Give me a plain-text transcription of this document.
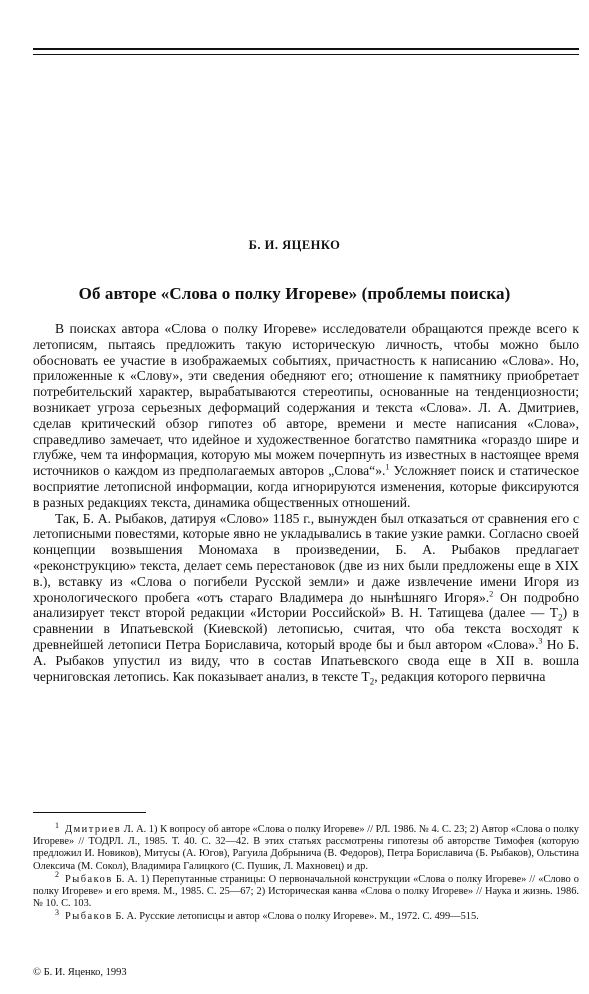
Б. И. ЯЦЕНКО
Об авторе «Слова о полку Игореве» (проблемы поиска)

В поисках автора «Слова о полку Игореве» исследователи обращаются прежде всего к летописям, пытаясь предложить такую историческую личность, чтобы можно было обосновать ее участие в изображаемых событиях, причастность к написанию «Слова». Но, приложенные к «Слову», эти сведения обедняют его; отношение к памятнику приобретает потребительский характер, вырабатываются стереотипы, основанные на тенденциозности; возникает угроза серьезных деформаций содержания и текста «Слова». Л. А. Дмитриев, сделав критический обзор гипотез об авторе, времени и месте написания «Слова», справедливо замечает, что идейное и художественное богатство памятника «гораздо шире и глубже, чем та информация, которую мы можем почерпнуть из известных в настоящее время источников о каждом из предполагаемых авторов „Слова“».$^1$ Усложняет поиск и статическое восприятие летописной информации, когда игнорируются изменения, которые фиксируются в разных редакциях текста, динамика общественных отношений.

Так, Б. А. Рыбаков, датируя «Слово» 1185 г., вынужден был отказаться от сравнения его с летописными повестями, которые явно не укладывались в такие узкие рамки. Согласно своей концепции возвышения Мономаха в произведении, Б. А. Рыбаков предлагает «реконструкцию» текста, делает семь перестановок (две из них были предложены еще в XIX в.), вставку из «Слова о погибели Русской земли» и даже извлечение имени Игоря из хронологического пробега «отъ стараго Владимера до нынѣшняго Игоря».$^2$ Он подробно анализирует текст второй редакции «Истории Российской» В. Н. Татищева (далее — $Т_2$) в сравнении в Ипатьевской (Киевской) летописью, считая, что оба текста восходят к древнейшей летописи Петра Бориславича, который вроде бы и был автором «Слова».$^3$ Но Б. А. Рыбаков упустил из виду, что в состав Ипатьевского свода еще в XII в. вошла черниговская летопись. Как показывает анализ, в тексте $Т_2$, редакция которого первична

$^1$ Дмитриев Л. А. 1) К вопросу об авторе «Слова о полку Игореве» // РЛ. 1986. № 4. С. 23; 2) Автор «Слова о полку Игореве» // ТОДРЛ. Л., 1985. Т. 40. С. 32—42. В этих статьях рассмотрены гипотезы об авторстве Тимофея (которую предложил И. Новиков), Митусы (А. Югов), Рагуила Добрынича (В. Федоров), Петра Бориславича (Б. Рыбаков), Ольстина Олексича (М. Сокол), Владимира Галицкого (С. Пушик, Л. Махновец) и др.

$^2$ Рыбаков Б. А. 1) Перепутанные страницы: О первоначальной конструкции «Слова о полку Игореве» // «Слово о полку Игореве» и его время. М., 1985. С. 25—67; 2) Историческая канва «Слова о полку Игореве» // Наука и жизнь. 1986. № 10. С. 103.

$^3$ Рыбаков Б. А. Русские летописцы и автор «Слова о полку Игореве». М., 1972. С. 499—515.

© Б. И. Яценко, 1993
